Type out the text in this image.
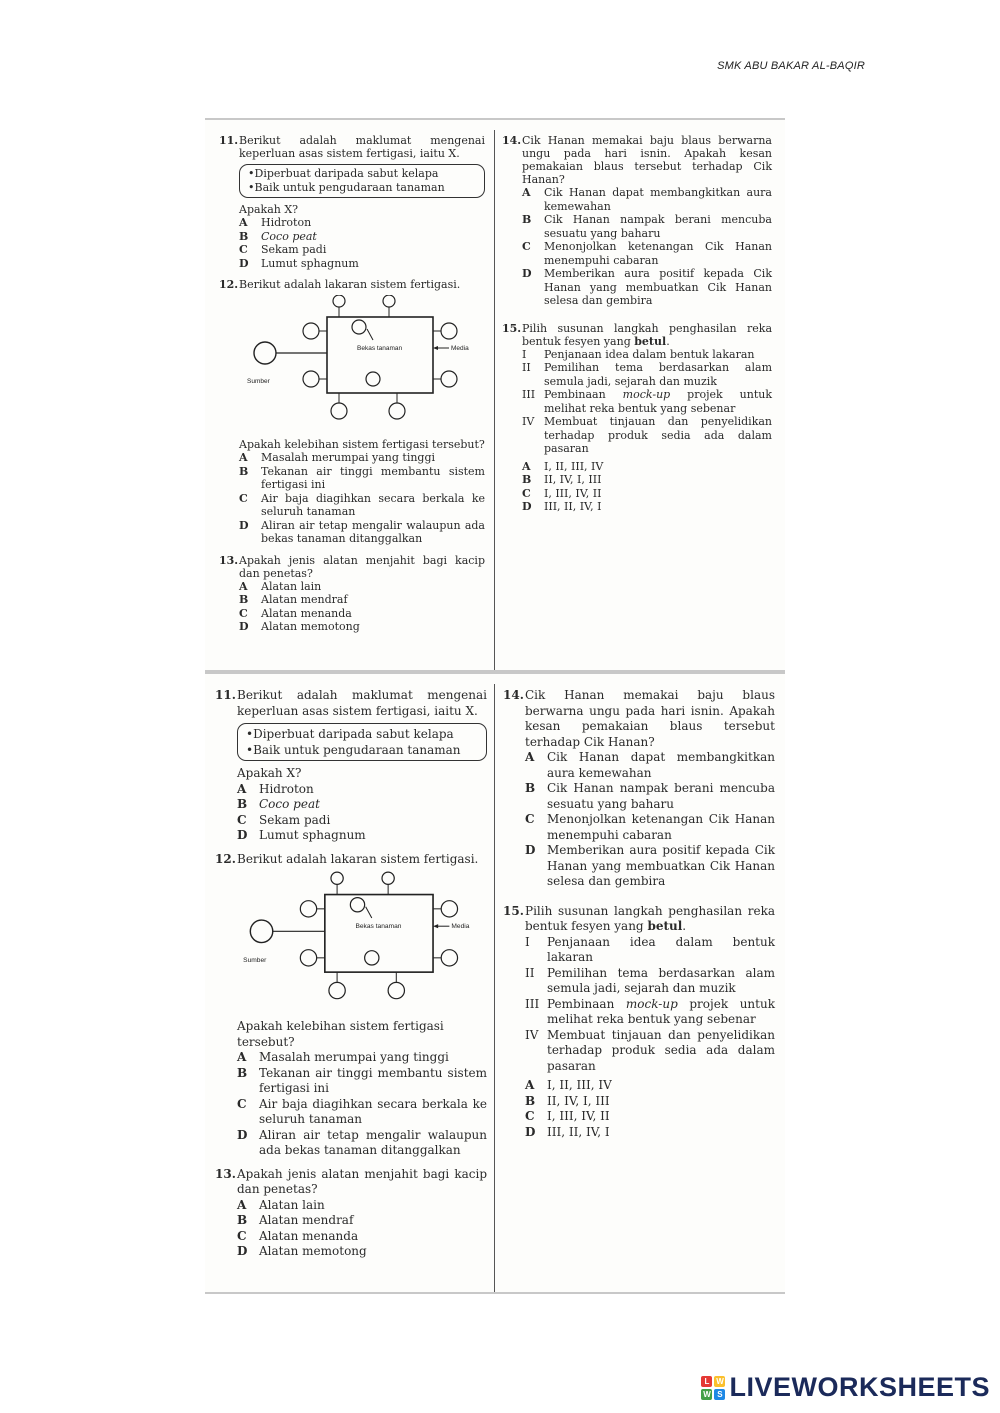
SMK ABU BAKAR AL-BAQIR
11. Berikut adalah maklumat mengenai keperluan asas sistem fertigasi, iaitu X.
• Diperbuat daripada sabut kelapa
• Baik untuk pengudaraan tanaman
Apakah X?
A	Hidroton
B	Coco peat
C	Sekam padi
D	Lumut sphagnum
12. Berikut adalah lakaran sistem fertigasi.
Bekas tanaman	Media
Sumber
Apakah kelebihan sistem fertigasi tersebut?
A	Masalah merumpai yang tinggi
B	Tekanan air tinggi membantu sistem fertigasi ini
C	Air baja diagihkan secara berkala ke seluruh tanaman
D	Aliran air tetap mengalir walaupun ada bekas tanaman ditanggalkan
13. Apakah jenis alatan menjahit bagi kacip dan penetas?
A	Alatan lain
B	Alatan mendraf
C	Alatan menanda
D	Alatan memotong
14. Cik Hanan memakai baju blaus berwarna ungu pada hari isnin. Apakah kesan pemakaian blaus tersebut terhadap Cik Hanan?
A	Cik Hanan dapat membangkitkan aura kemewahan
B	Cik Hanan nampak berani mencuba sesuatu yang baharu
C	Menonjolkan ketenangan Cik Hanan menempuhi cabaran
D	Memberikan aura positif kepada Cik Hanan yang membuatkan Cik Hanan selesa dan gembira
15. Pilih susunan langkah penghasilan reka bentuk fesyen yang betul.
I	Penjanaan idea dalam bentuk lakaran
II	Pemilihan tema berdasarkan alam semula jadi, sejarah dan muzik
III Pembinaan mock-up projek untuk melihat reka bentuk yang sebenar
IV Membuat tinjauan dan penyelidikan terhadap produk sedia ada dalam pasaran
A	I, II, III, IV
B	II, IV, I, III
C	I, III, IV, II
D	III, II, IV, I
11. Berikut adalah maklumat mengenai keperluan asas sistem fertigasi, iaitu X.
• Diperbuat daripada sabut kelapa
• Baik untuk pengudaraan tanaman
Apakah X?
A	Hidroton
B Coco peat
C	Sekam padi
D Lumut sphagnum
12. Berikut adalah lakaran sistem fertigasi.
Bekas tanaman	Media
Sumber
Apakah kelebihan sistem fertigasi tersebut?
A	Masalah merumpai yang tinggi
B Tekanan air tinggi membantu sistem fertigasi ini
C	Air baja diagihkan secara berkala ke seluruh tanaman
D Aliran air tetap mengalir walaupun ada bekas tanaman ditanggalkan
13. Apakah jenis alatan menjahit bagi kacip dan penetas?
A	Alatan lain
B Alatan mendraf
C	Alatan menanda
D Alatan memotong
14. Cik Hanan memakai baju blaus berwarna ungu pada hari isnin. Apakah kesan pemakaian blaus tersebut terhadap Cik Hanan?
A	Cik Hanan dapat membangkitkan aura kemewahan
B Cik Hanan nampak berani mencuba sesuatu yang baharu
C	Menonjolkan ketenangan Cik Hanan menempuhi cabaran
D Memberikan aura positif kepada Cik Hanan yang membuatkan Cik Hanan selesa dan gembira
15. Pilih susunan langkah penghasilan reka bentuk fesyen yang betul.
I	Penjanaan idea dalam bentuk lakaran
II	Pemilihan tema berdasarkan alam semula jadi, sejarah dan muzik
III Pembinaan mock-up projek untuk melihat reka bentuk yang sebenar
IV Membuat tinjauan dan penyelidikan terhadap produk sedia ada dalam pasaran
A	I, II, III, IV
B II, IV, I, III
C	I, III, IV, II
D III, II, IV, I
L W
W S LIVEWORKSHEETS
